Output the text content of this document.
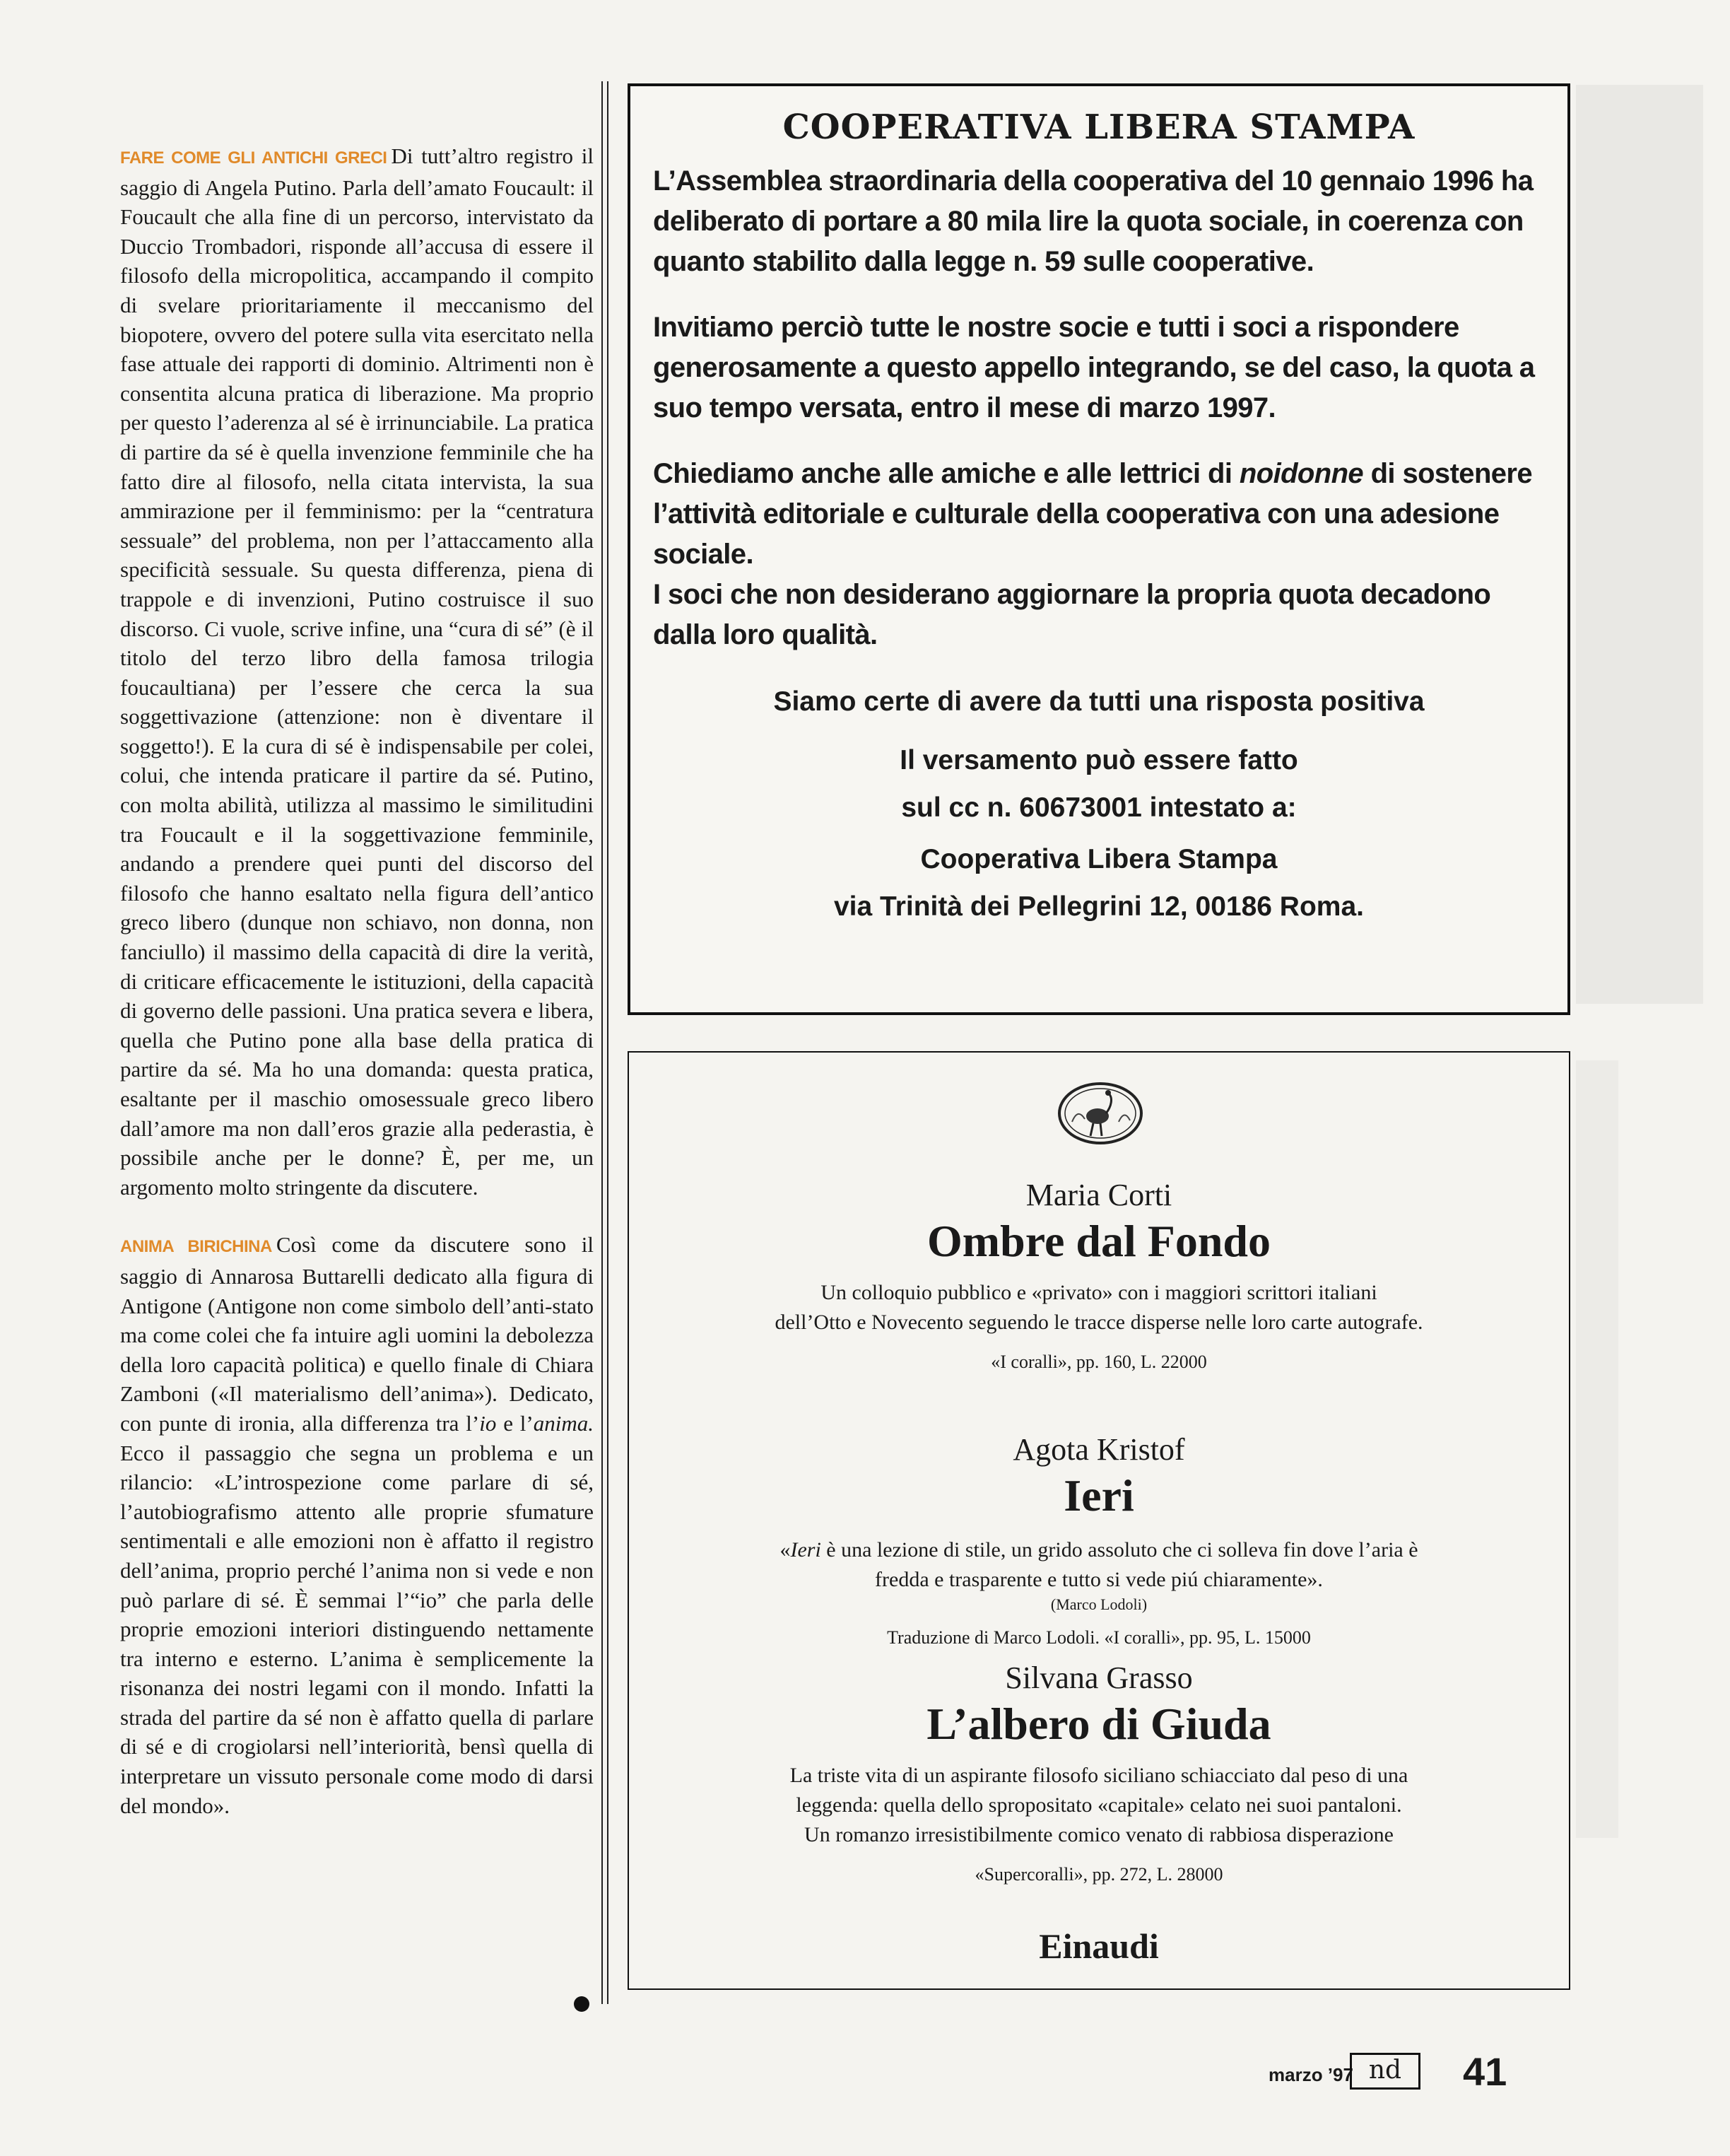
FARE COME GLI ANTICHI GRECI Di tutt’altro registro il saggio di Angela Putino. Parla dell’amato Foucault: il Foucault che alla fine di un percorso, intervistato da Duccio Trombadori, risponde all’accusa di essere il filosofo della micropolitica, accampando il compito di svelare prioritariamente il meccanismo del biopotere, ovvero del potere sulla vita esercitato nella fase attuale dei rapporti di dominio. Altrimenti non è consentita alcuna pratica di liberazione. Ma proprio per questo l’aderenza al sé è irrinunciabile. La pratica di partire da sé è quella invenzione femminile che ha fatto dire al filosofo, nella citata intervista, la sua ammirazione per il femminismo: per la “centratura sessuale” del problema, non per l’attaccamento alla specificità sessuale. Su questa differenza, piena di trappole e di invenzioni, Putino costruisce il suo discorso. Ci vuole, scrive infine, una “cura di sé” (è il titolo del terzo libro della famosa trilogia foucaultiana) per l’essere che cerca la sua soggettivazione (attenzione: non è diventare il soggetto!). E la cura di sé è indispensabile per colei, colui, che intenda praticare il partire da sé. Putino, con molta abilità, utilizza al massimo le similitudini tra Foucault e il la soggettivazione femminile, andando a prendere quei punti del discorso del filosofo che hanno esaltato nella figura dell’antico greco libero (dunque non schiavo, non donna, non fanciullo) il massimo della capacità di dire la verità, di criticare efficacemente le istituzioni, della capacità di governo delle passioni. Una pratica severa e libera, quella che Putino pone alla base della pratica di partire da sé. Ma ho una domanda: questa pratica, esaltante per il maschio omosessuale greco libero dall’amore ma non dall’eros grazie alla pederastia, è possibile anche per le donne? È, per me, un argomento molto stringente da discutere.

ANIMA BIRICHINA Così come da discutere sono il saggio di Annarosa Buttarelli dedicato alla figura di Antigone (Antigone non come simbolo dell’anti-stato ma come colei che fa intuire agli uomini la debolezza della loro capacità politica) e quello finale di Chiara Zamboni («Il materialismo dell’anima»). Dedicato, con punte di ironia, alla differenza tra l’io e l’anima. Ecco il passaggio che segna un problema e un rilancio: «L’introspezione come parlare di sé, l’autobiografismo attento alle proprie sfumature sentimentali e alle emozioni non è affatto il registro dell’anima, proprio perché l’anima non si vede e non può parlare di sé. È semmai l’“io” che parla delle proprie emozioni interiori distinguendo nettamente tra interno e esterno. L’anima è semplicemente la risonanza dei nostri legami con il mondo. Infatti la strada del partire da sé non è affatto quella di parlare di sé e di crogiolarsi nell’interiorità, bensì quella di interpretare un vissuto personale come modo di darsi del mondo».

COOPERATIVA LIBERA STAMPA

L’Assemblea straordinaria della cooperativa del 10 gennaio 1996 ha deliberato di portare a 80 mila lire la quota sociale, in coerenza con quanto stabilito dalla legge n. 59 sulle cooperative.

Invitiamo perciò tutte le nostre socie e tutti i soci a rispondere generosamente a questo appello integrando, se del caso, la quota a suo tempo versata, entro il mese di marzo 1997.

Chiediamo anche alle amiche e alle lettrici di noidonne di sostenere l’attività editoriale e culturale della cooperativa con una adesione sociale.

I soci che non desiderano aggiornare la propria quota decadono dalla loro qualità.

Siamo certe di avere da tutti una risposta positiva
Il versamento può essere fatto
sul cc n. 60673001 intestato a:
Cooperativa Libera Stampa
via Trinità dei Pellegrini 12, 00186 Roma.
Maria Corti
Ombre dal Fondo
Un colloquio pubblico e «privato» con i maggiori scrittori italiani
dell’Otto e Novecento seguendo le tracce disperse nelle loro carte autografe.
«I coralli», pp. 160, L. 22000
Agota Kristof
Ieri
«Ieri è una lezione di stile, un grido assoluto che ci solleva fin dove l’aria è
fredda e trasparente e tutto si vede piú chiaramente».
(Marco Lodoli)
Traduzione di Marco Lodoli. «I coralli», pp. 95, L. 15000
Silvana Grasso
L’albero di Giuda
La triste vita di un aspirante filosofo siciliano schiacciato dal peso di una
leggenda: quella dello spropositato «capitale» celato nei suoi pantaloni.
Un romanzo irresistibilmente comico venato di rabbiosa disperazione
«Supercoralli», pp. 272, L. 28000
Einaudi
marzo ’97 nd	41
